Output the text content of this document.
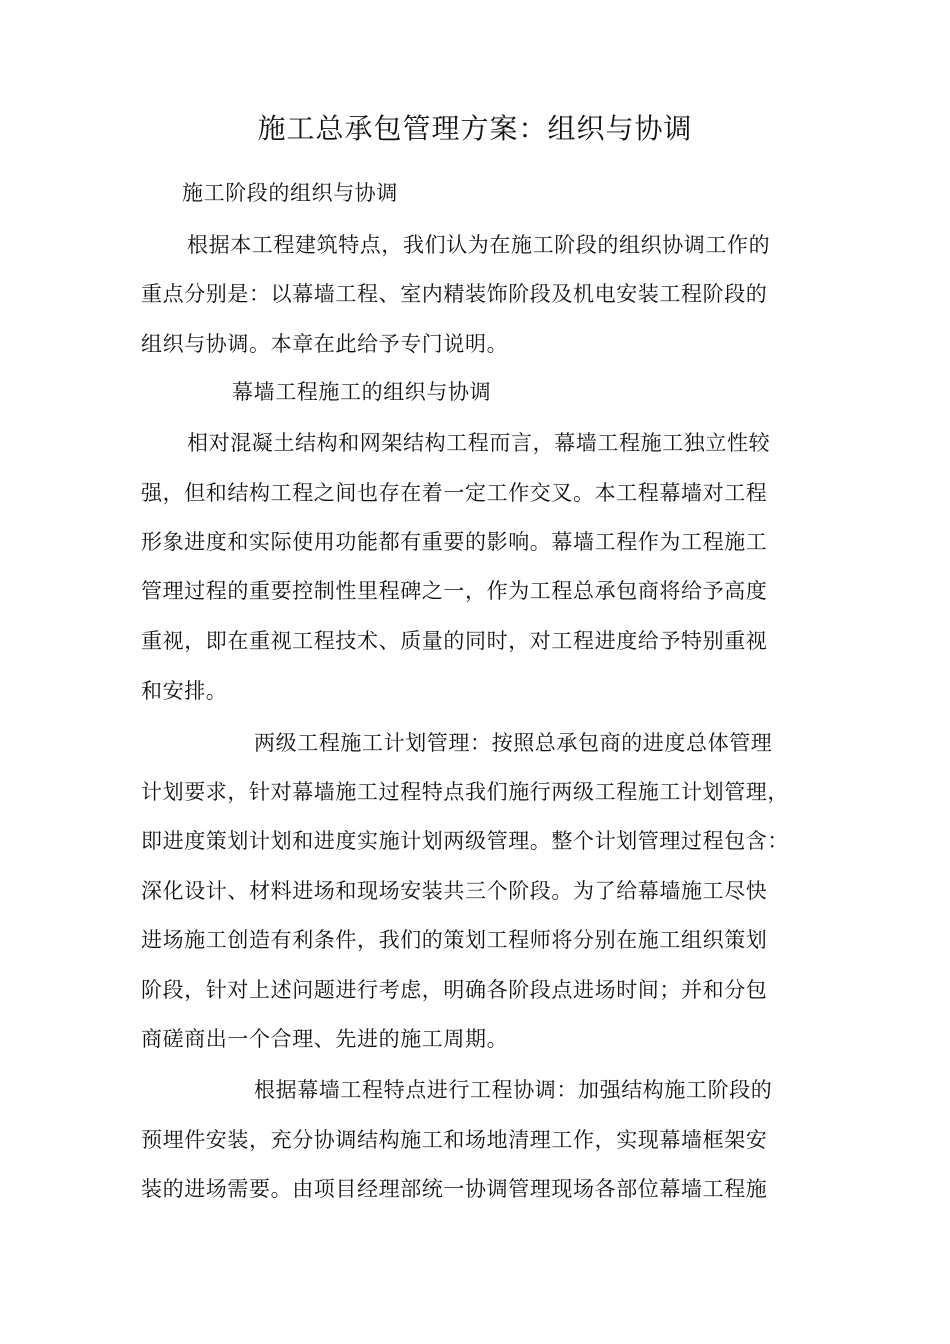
施工总承包管理方案：组织与协调
施工阶段的组织与协调
根据本工程建筑特点，我们认为在施工阶段的组织协调工作的
重点分别是：以幕墙工程、室内精装饰阶段及机电安装工程阶段的
组织与协调。本章在此给予专门说明。
幕墙工程施工的组织与协调
相对混凝土结构和网架结构工程而言，幕墙工程施工独立性较
强，但和结构工程之间也存在着一定工作交叉。本工程幕墙对工程
形象进度和实际使用功能都有重要的影响。幕墙工程作为工程施工
管理过程的重要控制性里程碑之一，作为工程总承包商将给予高度
重视，即在重视工程技术、质量的同时，对工程进度给予特别重视
和安排。
两级工程施工计划管理：按照总承包商的进度总体管理
计划要求，针对幕墙施工过程特点我们施行两级工程施工计划管理，
即进度策划计划和进度实施计划两级管理。整个计划管理过程包含：
深化设计、材料进场和现场安装共三个阶段。为了给幕墙施工尽快
进场施工创造有利条件，我们的策划工程师将分别在施工组织策划
阶段，针对上述问题进行考虑，明确各阶段点进场时间；并和分包
商磋商出一个合理、先进的施工周期。
根据幕墙工程特点进行工程协调：加强结构施工阶段的
预埋件安装，充分协调结构施工和场地清理工作，实现幕墙框架安
装的进场需要。由项目经理部统一协调管理现场各部位幕墙工程施
